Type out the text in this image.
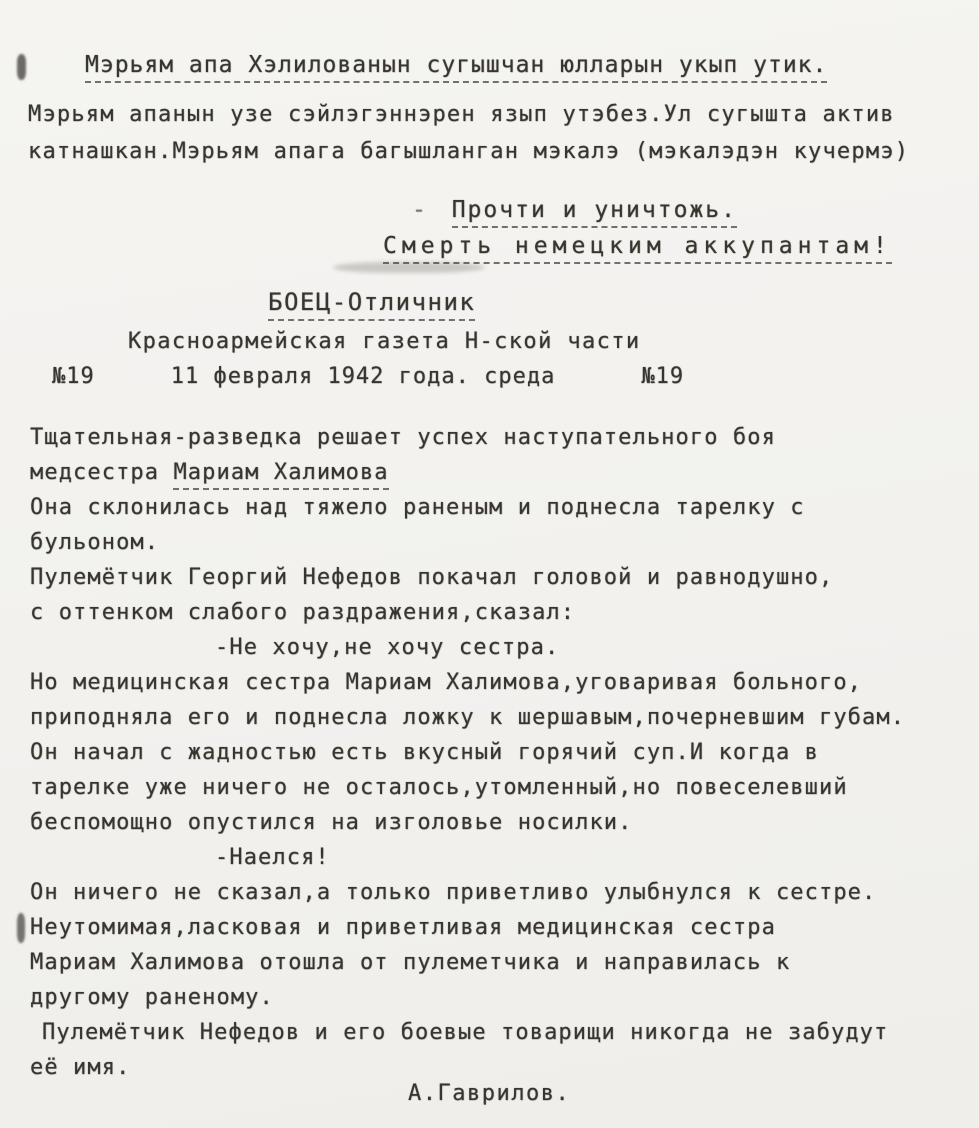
Мэрьям апа Хэлилованын сугышчан юлларын укып утик.
Мэрьям апанын узе сэйлэгэннэрен язып утэбез.Ул сугышта актив
катнашкан.Мэрьям апага багышланган мэкалэ (мэкалэдэн кучермэ)
- Прочти и уничтожь.
Смерть немецким аккупантам!
БОЕЦ-Отличник
Красноармейская газета Н-ской части
№19	11 февраля 1942 года. среда	№19
Тщательная-разведка решает успех наступательного боя
медсестра Мариам Халимова
Она склонилась над тяжело раненым и поднесла тарелку с
бульоном.
Пулемётчик Георгий Нефедов покачал головой и равнодушно,
с оттенком слабого раздражения,сказал:
-Не хочу,не хочу сестра.
Но медицинская сестра Мариам Халимова,уговаривая больного,
приподняла его и поднесла ложку к шершавым,почерневшим губам.
Он начал с жадностью есть вкусный горячий суп.И когда в
тарелке уже ничего не осталось,утомленный,но повеселевший
беспомощно опустился на изголовье носилки.
-Наелся!
Он ничего не сказал,а только приветливо улыбнулся к сестре.
Неутомимая,ласковая и приветливая медицинская сестра
Мариам Халимова отошла от пулеметчика и направилась к
другому раненому.
Пулемётчик Нефедов и его боевые товарищи никогда не забудут
её имя.
А.Гаврилов.
